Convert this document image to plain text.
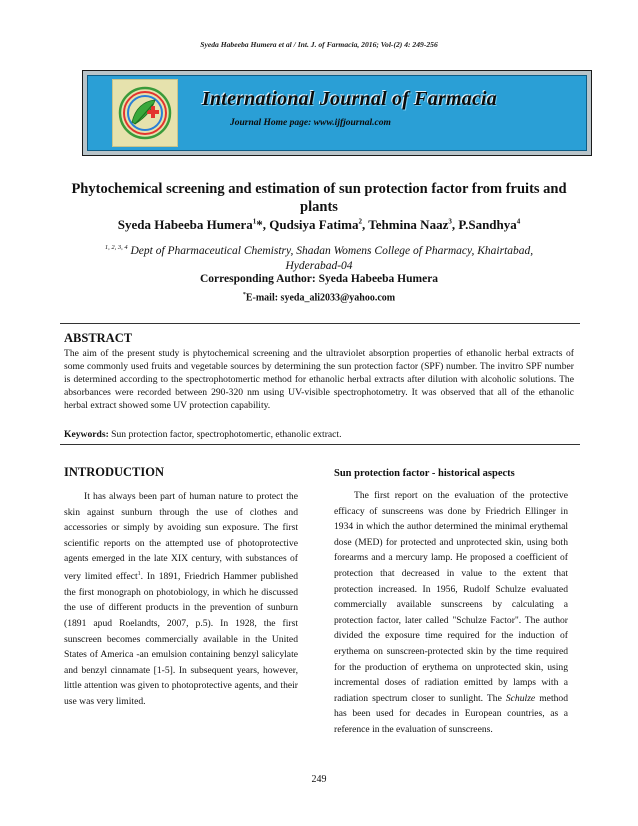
Syeda Habeeba Humera et al / Int. J. of Farmacia, 2016; Vol-(2) 4: 249-256
International Journal of Farmacia
Journal Home page: www.ijfjournal.com
Phytochemical screening and estimation of sun protection factor from fruits and plants
Syeda Habeeba Humera$^1$*, Qudsiya Fatima$^2$, Tehmina Naaz$^3$, P.Sandhya$^4$
$^{1, 2, 3, 4}$ Dept of Pharmaceutical Chemistry, Shadan Womens College of Pharmacy, Khairtabad, Hyderabad-04
Corresponding Author: Syeda Habeeba Humera
*E-mail: syeda_ali2033@yahoo.com
ABSTRACT
The aim of the present study is phytochemical screening and the ultraviolet absorption properties of ethanolic herbal extracts of some commonly used fruits and vegetable sources by determining the sun protection factor (SPF) number. The invitro SPF number is determined according to the spectrophotomertic method for ethanolic herbal extracts after dilution with alcoholic solutions. The absorbances were recorded between 290-320 nm using UV-visible spectrophotometry. It was observed that all of the ethanolic herbal extract showed some UV protection capability.
Keywords: Sun protection factor, spectrophotomertic, ethanolic extract.
INTRODUCTION

It has always been part of human nature to protect the skin against sunburn through the use of clothes and accessories or simply by avoiding sun exposure. The first scientific reports on the attempted use of photoprotective agents emerged in the late XIX century, with substances of very limited effect$^1$. In 1891, Friedrich Hammer published the first monograph on photobiology, in which he discussed the use of different products in the prevention of sunburn (1891 apud Roelandts, 2007, p.5). In 1928, the first sunscreen becomes commercially available in the United States of America -an emulsion containing benzyl salicylate and benzyl cinnamate [1-5]. In subsequent years, however, little attention was given to photoprotective agents, and their use was very limited.

Sun protection factor - historical aspects

The first report on the evaluation of the protective efficacy of sunscreens was done by Friedrich Ellinger in 1934 in which the author determined the minimal erythemal dose (MED) for protected and unprotected skin, using both forearms and a mercury lamp. He proposed a coefficient of protection that decreased in value to the extent that protection increased. In 1956, Rudolf Schulze evaluated commercially available sunscreens by calculating a protection factor, later called "Schulze Factor". The author divided the exposure time required for the induction of erythema on sunscreen-protected skin by the time required for the production of erythema on unprotected skin, using incremental doses of radiation emitted by lamps with a radiation spectrum closer to sunlight. The Schulze method has been used for decades in European countries, as a reference in the evaluation of sunscreens.

249
